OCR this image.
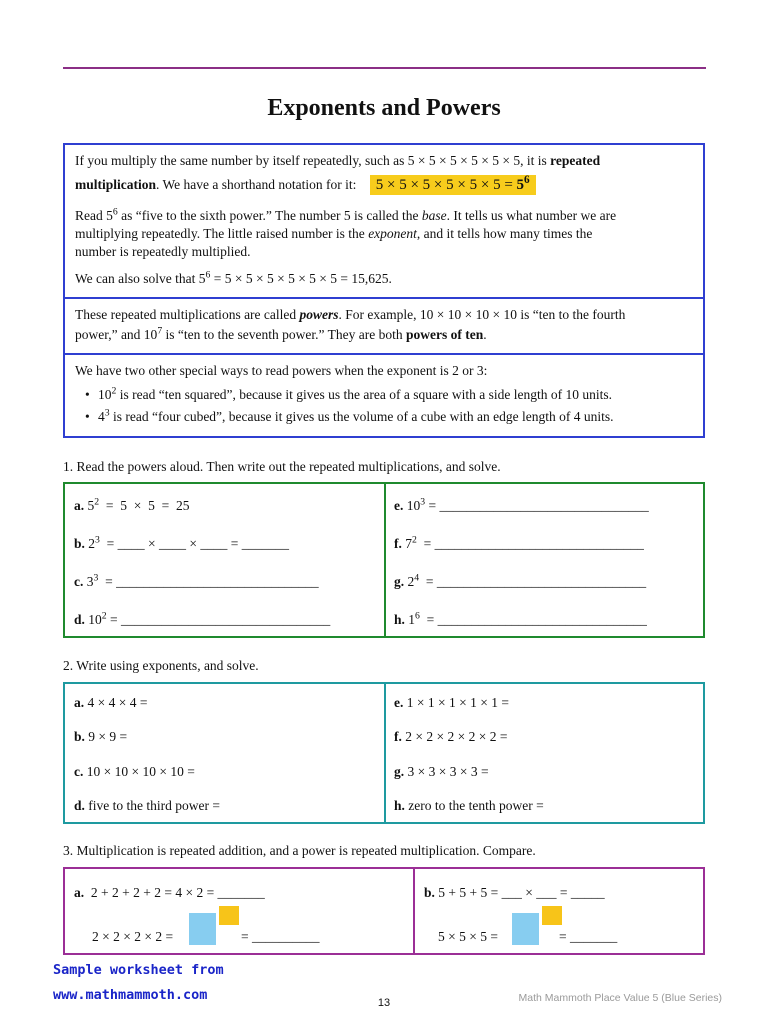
Exponents and Powers
If you multiply the same number by itself repeatedly, such as 5 × 5 × 5 × 5 × 5 × 5, it is repeated
multiplication. We have a shorthand notation for it: $5 \times 5 \times 5 \times 5 \times 5 \times 5 = 5^6$
Read $5^6$ as “five to the sixth power.” The number 5 is called the base. It tells us what number we are
multiplying repeatedly. The little raised number is the exponent, and it tells how many times the
number is repeatedly multiplied.
We can also solve that $5^6 = 5 \times 5 \times 5 \times 5 \times 5 \times 5 = 15,625$.
These repeated multiplications are called powers. For example, 10 × 10 × 10 × 10 is “ten to the fourth
power,” and $10^7$ is “ten to the seventh power.” They are both powers of ten.
We have two other special ways to read powers when the exponent is 2 or 3:
• $10^2$ is read “ten squared”, because it gives us the area of a square with a side length of 10 units.
• $4^3$ is read “four cubed”, because it gives us the volume of a cube with an edge length of 4 units.
1. Read the powers aloud. Then write out the repeated multiplications, and solve.
a. $5^2 = 5 \times 5 = 25$
b. $2^3$  = ____ × ____ × ____ = _______
c. $3^3$  = ______________________________
d. $10^2$ = _______________________________
e. $10^3$ = _______________________________
f. $7^2$  = _______________________________
g. $2^4$  = _______________________________
h. $1^6$  = _______________________________
2. Write using exponents, and solve.
a. 4 × 4 × 4 =
b. 9 × 9 =
c. 10 × 10 × 10 × 10 =
d. five to the third power =
e. 1 × 1 × 1 × 1 × 1 =
f. 2 × 2 × 2 × 2 × 2 =
g. 3 × 3 × 3 × 3 =
h. zero to the tenth power =
3. Multiplication is repeated addition, and a power is repeated multiplication. Compare.
a. 2 + 2 + 2 + 2 = 4 × 2 = _______
2 × 2 × 2 × 2 =	= __________
b. 5 + 5 + 5 = ___ × ___ = _____
5 × 5 × 5 =	= _______
Sample worksheet from
www.mathmammoth.com	13	Math Mammoth Place Value 5 (Blue Series)
